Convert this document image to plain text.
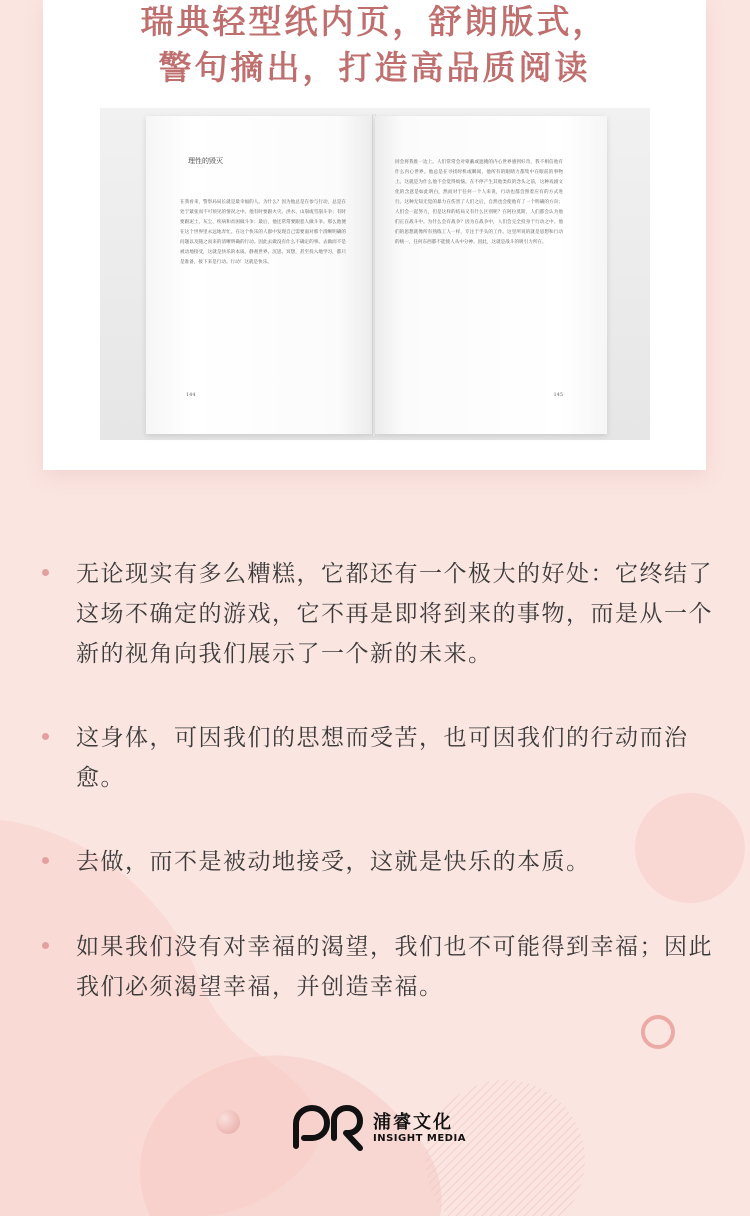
瑞典轻型纸内页，舒朗版式，
警句摘出，打造高品质阅读
理性的毁灭
在我看来，警察局局长就是最幸福的人。为什么？因为他总是在参与行动，总是在处于紧张而不可预见的情况之中。他有时要跟火灾、洪水、山崩或雪崩斗争；有时要跟泥土、灰尘、疾病和贫困做斗争；最后，他还常常要跟恶人做斗争。那么他便在这个世界里永远地奔忙。在这个快乐的人群中发现自己需要面对那个清晰明确的问题以及随之而来的清晰明确的行动。因此去做没有什么不确定的事。去做而不是被动地接受，这就是快乐的本质。静观世界、沉思、冥想，甚至投入地学习，都只是准备，接下来是行动。行动！这就是快乐。
144
同会将我推一边上。人们常常会对蒙蔽或遮掩的内心世界感到好奇，我不相信他有什么内心世界。他总是在寻找时机或瞬间，他所有的眼睛力都集中在眼前的事物上。这就是为什么他不会觉得烦恼。在不停产生其他类似的念头之前，这种戏剧文化的含意是如此明白，然而对于任何一个人来说，行动也都会照着应有的方式进行。这种无知无觉的暴力在伤害了人们之后，自然也会使他有了一个明确的方向；人们会一起努力，但是这样的结局又有什么区别呢？在阿拉莫斯，人们都会认为他们正在战斗中。为什么会有战争？因为在战争中，人们会完全投身于行动之中。他们的思想就像所有熟练工人一样，专注于手头的工作。这里所说的就是思想和行动的统一，任何东西都不能使人从中分神。因此，这就是战斗的吸引力所在。
145
无论现实有多么糟糕，它都还有一个极大的好处：它终结了这场不确定的游戏，它不再是即将到来的事物，而是从一个新的视角向我们展示了一个新的未来。
这身体，可因我们的思想而受苦，也可因我们的行动而治愈。
去做，而不是被动地接受，这就是快乐的本质。
如果我们没有对幸福的渴望，我们也不可能得到幸福；因此我们必须渴望幸福，并创造幸福。
浦睿文化
INSIGHT MEDIA
